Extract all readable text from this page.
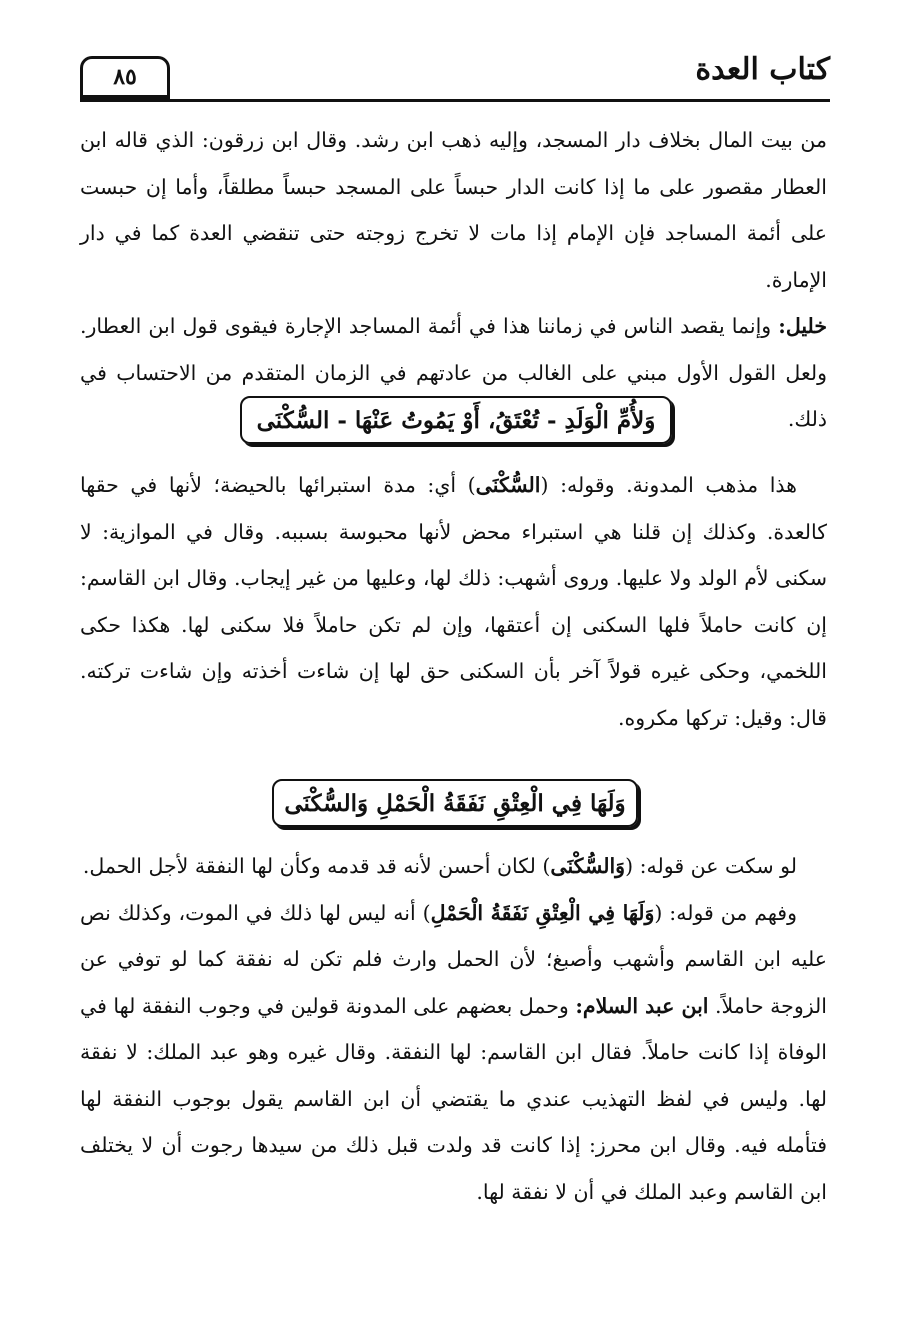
كتاب العدة
٨٥

من بيت المال بخلاف دار المسجد، وإليه ذهب ابن رشد. وقال ابن زرقون: الذي قاله ابن العطار مقصور على ما إذا كانت الدار حبساً على المسجد حبساً مطلقاً، وأما إن حبست على أئمة المساجد فإن الإمام إذا مات لا تخرج زوجته حتى تنقضي العدة كما في دار الإمارة.

خليل: وإنما يقصد الناس في زماننا هذا في أئمة المساجد الإجارة فيقوى قول ابن العطار. ولعل القول الأول مبني على الغالب من عادتهم في الزمان المتقدم من الاحتساب في ذلك.

وَلأُمِّ الْوَلَدِ - تُعْتَقُ، أَوْ يَمُوتُ عَنْهَا - السُّكْنَى

هذا مذهب المدونة. وقوله: (السُّكْنَى) أي: مدة استبرائها بالحيضة؛ لأنها في حقها كالعدة. وكذلك إن قلنا هي استبراء محض لأنها محبوسة بسببه. وقال في الموازية: لا سكنى لأم الولد ولا عليها. وروى أشهب: ذلك لها، وعليها من غير إيجاب. وقال ابن القاسم: إن كانت حاملاً فلها السكنى إن أعتقها، وإن لم تكن حاملاً فلا سكنى لها. هكذا حكى اللخمي، وحكى غيره قولاً آخر بأن السكنى حق لها إن شاءت أخذته وإن شاءت تركته. قال: وقيل: تركها مكروه.

وَلَهَا فِي الْعِتْقِ نَفَقَةُ الْحَمْلِ وَالسُّكْنَى

لو سكت عن قوله: (وَالسُّكْنَى) لكان أحسن لأنه قد قدمه وكأن لها النفقة لأجل الحمل.

وفهم من قوله: (وَلَهَا فِي الْعِتْقِ نَفَقَةُ الْحَمْلِ) أنه ليس لها ذلك في الموت، وكذلك نص عليه ابن القاسم وأشهب وأصبغ؛ لأن الحمل وارث فلم تكن له نفقة كما لو توفي عن الزوجة حاملاً. ابن عبد السلام: وحمل بعضهم على المدونة قولين في وجوب النفقة لها في الوفاة إذا كانت حاملاً. فقال ابن القاسم: لها النفقة. وقال غيره وهو عبد الملك: لا نفقة لها. وليس في لفظ التهذيب عندي ما يقتضي أن ابن القاسم يقول بوجوب النفقة لها فتأمله فيه. وقال ابن محرز: إذا كانت قد ولدت قبل ذلك من سيدها رجوت أن لا يختلف ابن القاسم وعبد الملك في أن لا نفقة لها.
